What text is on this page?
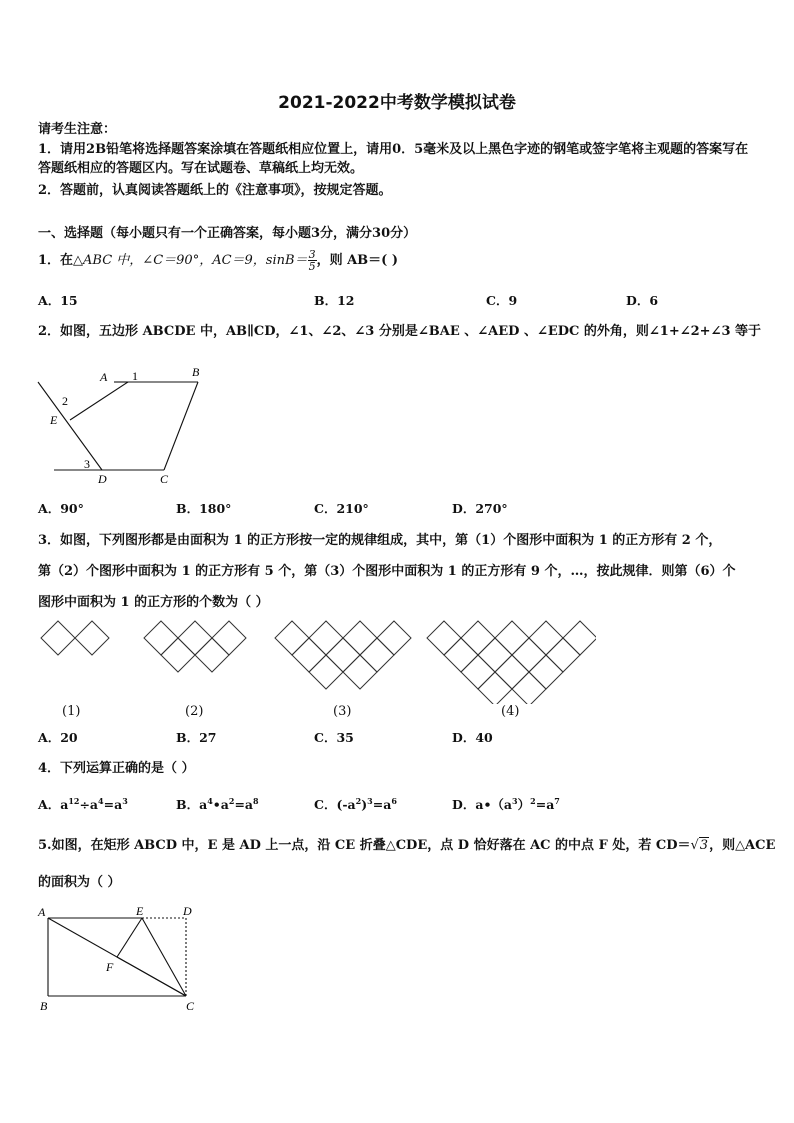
2021-2022中考数学模拟试卷
请考生注意：
1．请用2B铅笔将选择题答案涂填在答题纸相应位置上，请用0．5毫米及以上黑色字迹的钢笔或签字笔将主观题的答案写在答题纸相应的答题区内。写在试题卷、草稿纸上均无效。
2．答题前，认真阅读答题纸上的《注意事项》，按规定答题。
一、选择题（每小题只有一个正确答案，每小题3分，满分30分）
1．在△ABC 中，∠C＝90°，AC＝9，$\sin B= \frac{3}{5}$ ，则 AB＝( )
A．15	B．12	C．9	D．6
2．如图，五边形 ABCDE 中，AB∥CD，∠1、∠2、∠3 分别是∠BAE 、∠AED 、∠EDC 的外角，则∠1+∠2+∠3 等于
A 1	B
2
E
3
D	C
A．90°	B．180°	C．210°	D．270°
3．如图，下列图形都是由面积为 1 的正方形按一定的规律组成，其中，第（1）个图形中面积为 1 的正方形有 2 个，
第（2）个图形中面积为 1 的正方形有 5 个，第（3）个图形中面积为 1 的正方形有 9 个，…，按此规律．则第（6）个
图形中面积为 1 的正方形的个数为（ ）
(1)	(2)	(3)	(4)
A．20	B．27	C．35	D．40
4．下列运算正确的是（ ）
A．$a^{12}\div a^4=a^3$	B．$a^4•a^2=a^8$	C．$(-a^2)^3=a^6$	D．$a•(a^3)^2=a^7$
5.如图，在矩形 ABCD 中，E 是 AD 上一点，沿 CE 折叠△CDE，点 D 恰好落在 AC 的中点 F 处，若 CD＝√3，则△ACE
的面积为（ ）
A	E	D
F
B	C
